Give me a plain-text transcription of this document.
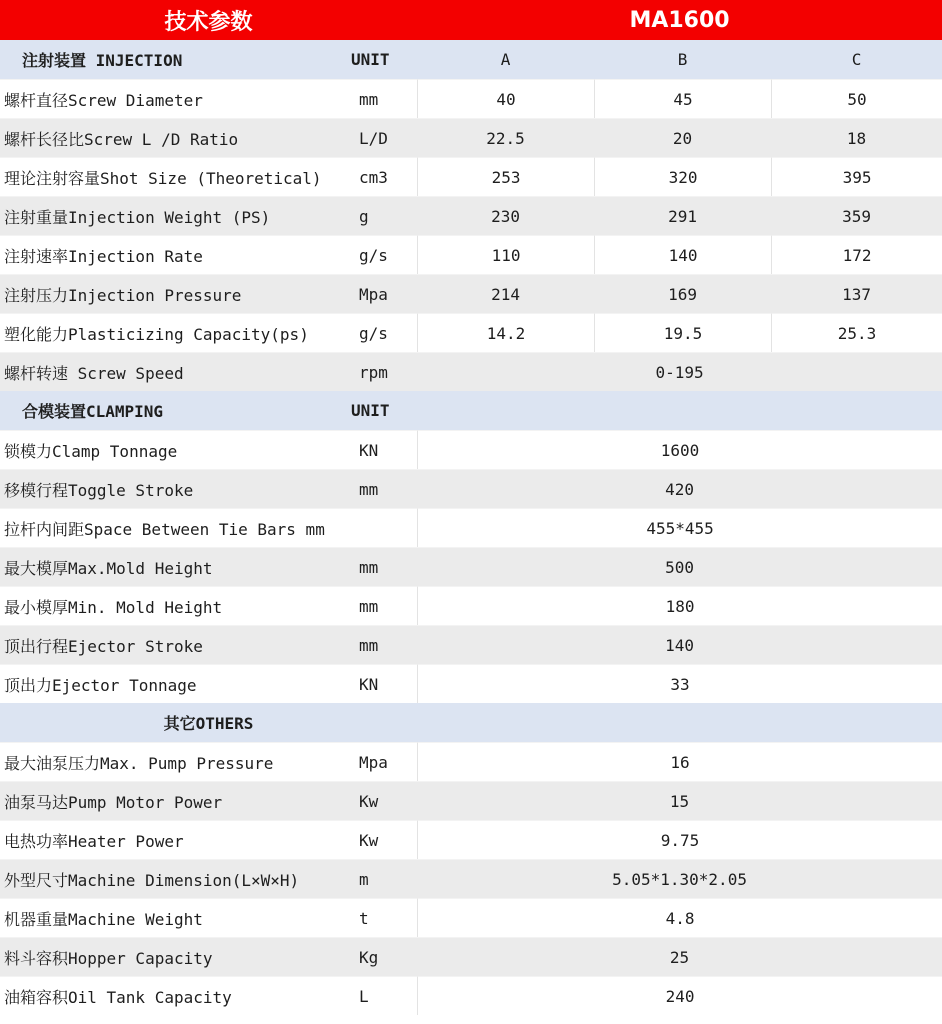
技术参数		MA1600		
注射装置 INJECTION	UNIT	A	B	C
螺杆直径Screw Diameter	mm	40	45	50
螺杆长径比Screw L /D Ratio	L/D	22.5	20	18
理论注射容量Shot Size (Theoretical)	cm3	253	320	395
注射重量Injection Weight (PS)	g	230	291	359
注射速率Injection Rate	g/s	110	140	172
注射压力Injection Pressure	Mpa	214	169	137
塑化能力Plasticizing Capacity(ps)	g/s	14.2	19.5	25.3
螺杆转速 Screw Speed	rpm	0-195		
合模装置CLAMPING	UNIT			
锁模力Clamp Tonnage	KN	1600		
移模行程Toggle Stroke	mm	420		
拉杆内间距Space Between Tie Bars mm		455*455		
最大模厚Max.Mold Height	mm	500		
最小模厚Min. Mold Height	mm	180		
顶出行程Ejector Stroke	mm	140		
顶出力Ejector Tonnage	KN	33		
其它OTHERS				
最大油泵压力Max. Pump Pressure	Mpa	16		
油泵马达Pump Motor Power	Kw	15		
电热功率Heater Power	Kw	9.75		
外型尺寸Machine Dimension(L×W×H)	m	5.05*1.30*2.05		
机器重量Machine Weight	t	4.8		
料斗容积Hopper Capacity	Kg	25		
油箱容积Oil Tank Capacity	L	240		
